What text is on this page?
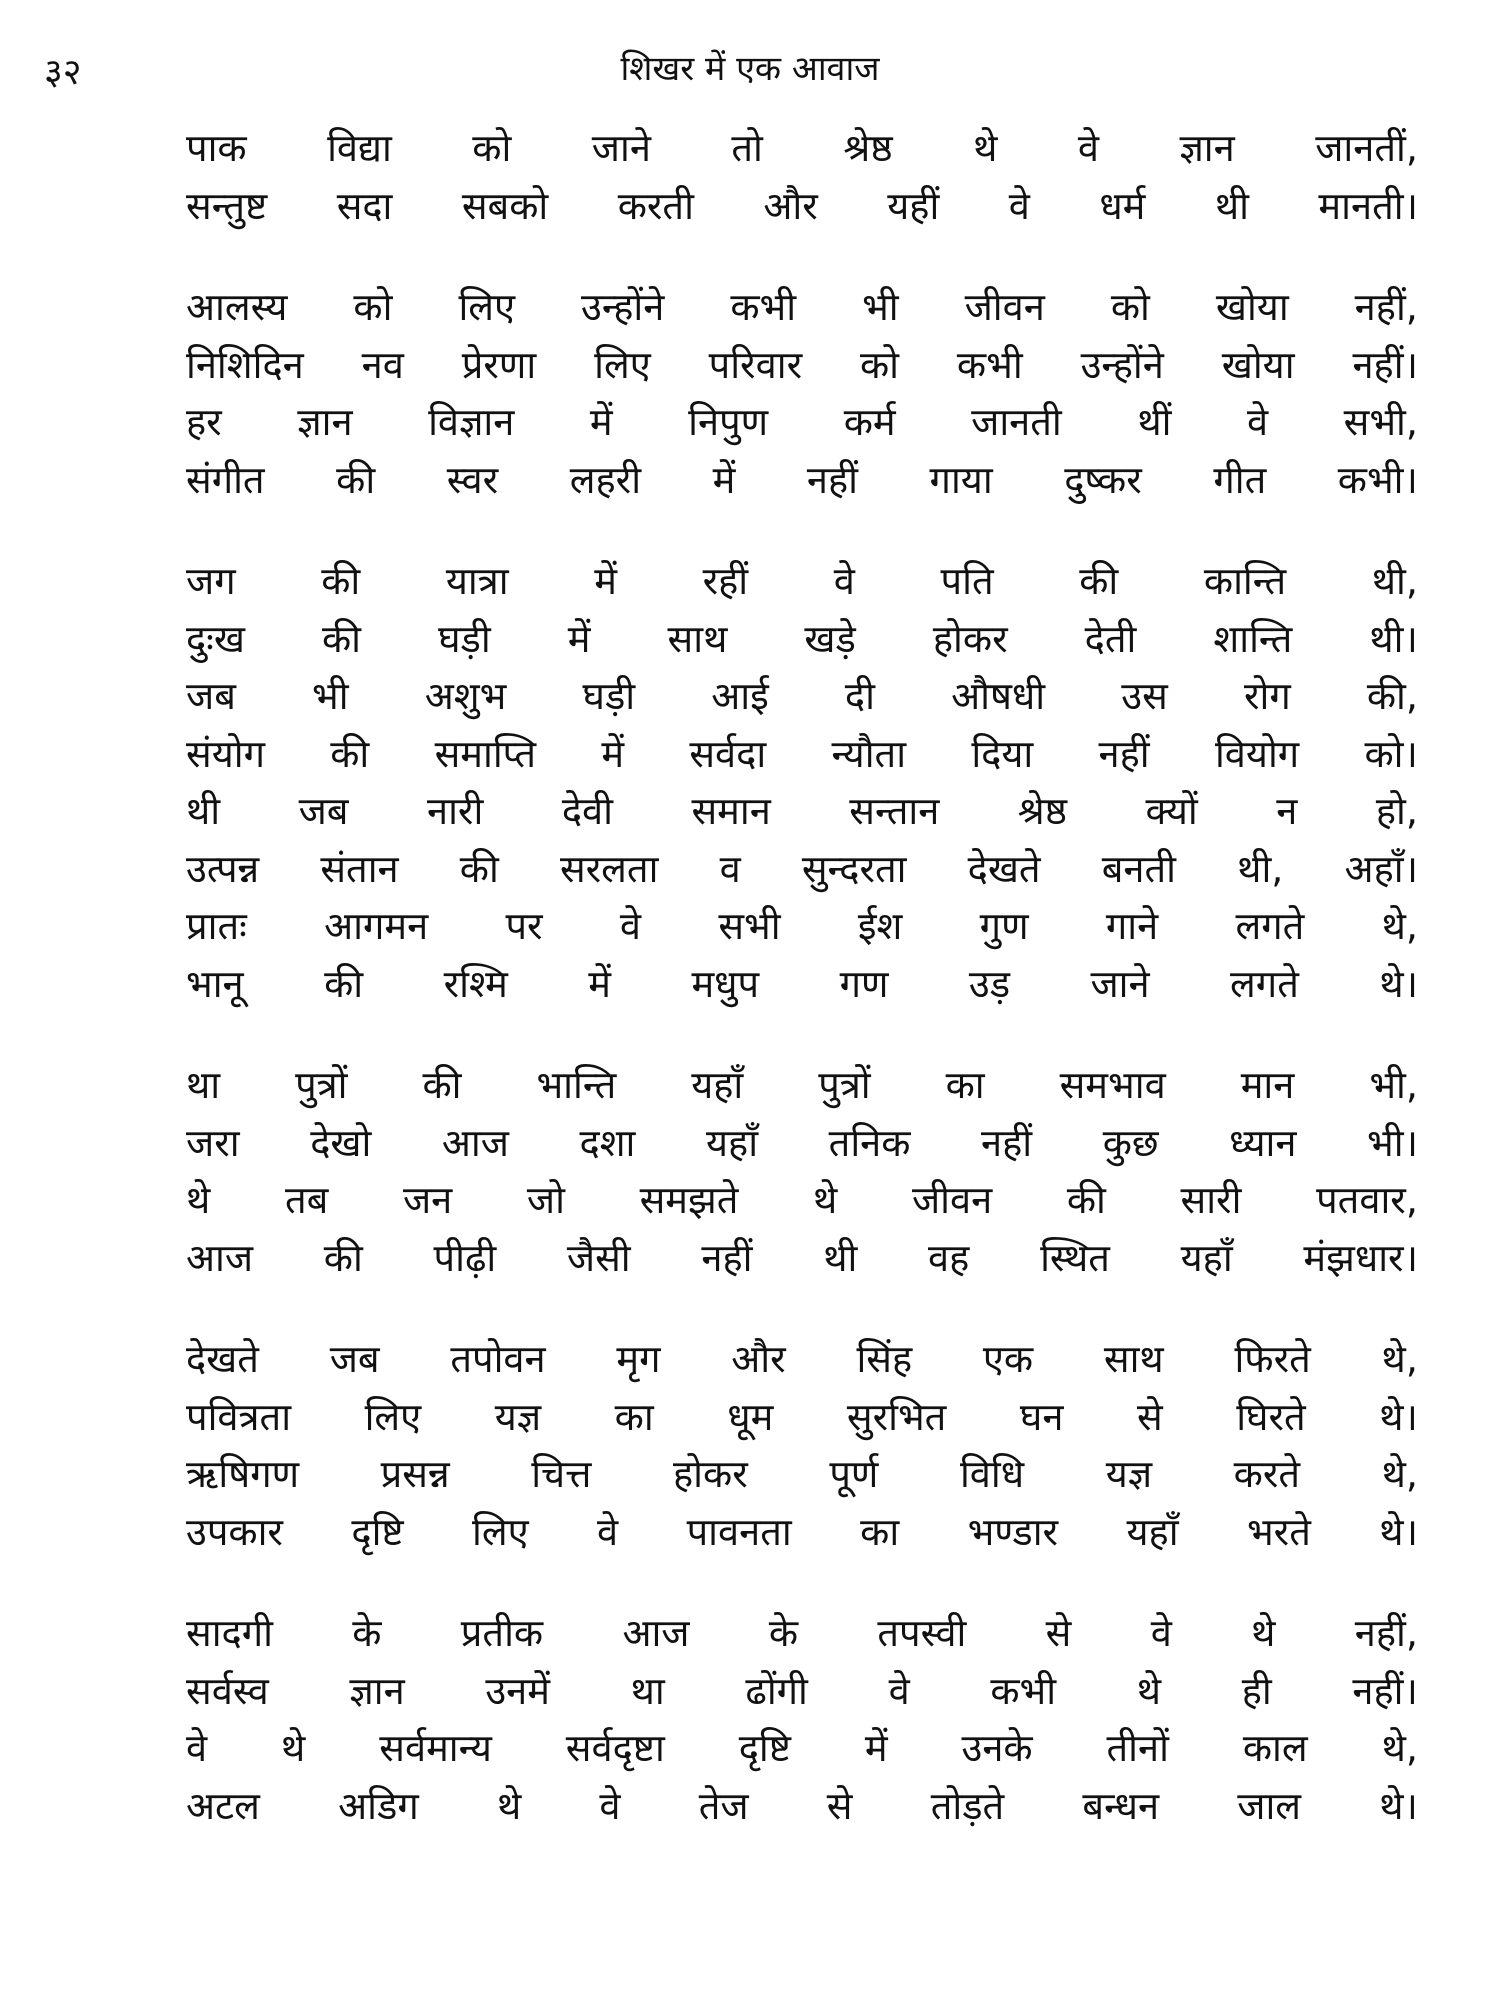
३२	शिखर में एक आवाज
पाक विद्या को जाने तो श्रेष्ठ थे वे ज्ञान जानतीं,
सन्तुष्ट सदा सबको करती और यहीं वे धर्म थी मानती।
आलस्य को लिए उन्होंने कभी भी जीवन को खोया नहीं,
निशिदिन नव प्रेरणा लिए परिवार को कभी उन्होंने खोया नहीं।
हर ज्ञान विज्ञान में निपुण कर्म जानती थीं वे सभी,
संगीत की स्वर लहरी में नहीं गाया दुष्कर गीत कभी।
जग की यात्रा में रहीं वे पति की कान्ति थी,
दुःख की घड़ी में साथ खड़े होकर देती शान्ति थी।
जब भी अशुभ घड़ी आई दी औषधी उस रोग की,
संयोग की समाप्ति में सर्वदा न्यौता दिया नहीं वियोग को।
थी जब नारी देवी समान सन्तान श्रेष्ठ क्यों न हो,
उत्पन्न संतान की सरलता व सुन्दरता देखते बनती थी, अहाँ।
प्रातः आगमन पर वे सभी ईश गुण गाने लगते थे,
भानू की रश्मि में मधुप गण उड़ जाने लगते थे।
था पुत्रों की भान्ति यहाँ पुत्रों का समभाव मान भी,
जरा देखो आज दशा यहाँ तनिक नहीं कुछ ध्यान भी।
थे तब जन जो समझते थे जीवन की सारी पतवार,
आज की पीढ़ी जैसी नहीं थी वह स्थित यहाँ मंझधार।
देखते जब तपोवन मृग और सिंह एक साथ फिरते थे,
पवित्रता लिए यज्ञ का धूम सुरभित घन से घिरते थे।
ऋषिगण प्रसन्न चित्त होकर पूर्ण विधि यज्ञ करते थे,
उपकार दृष्टि लिए वे पावनता का भण्डार यहाँ भरते थे।
सादगी के प्रतीक आज के तपस्वी से वे थे नहीं,
सर्वस्व ज्ञान उनमें था ढोंगी वे कभी थे ही नहीं।
वे थे सर्वमान्य सर्वदृष्टा दृष्टि में उनके तीनों काल थे,
अटल अडिग थे वे तेज से तोड़ते बन्धन जाल थे।
